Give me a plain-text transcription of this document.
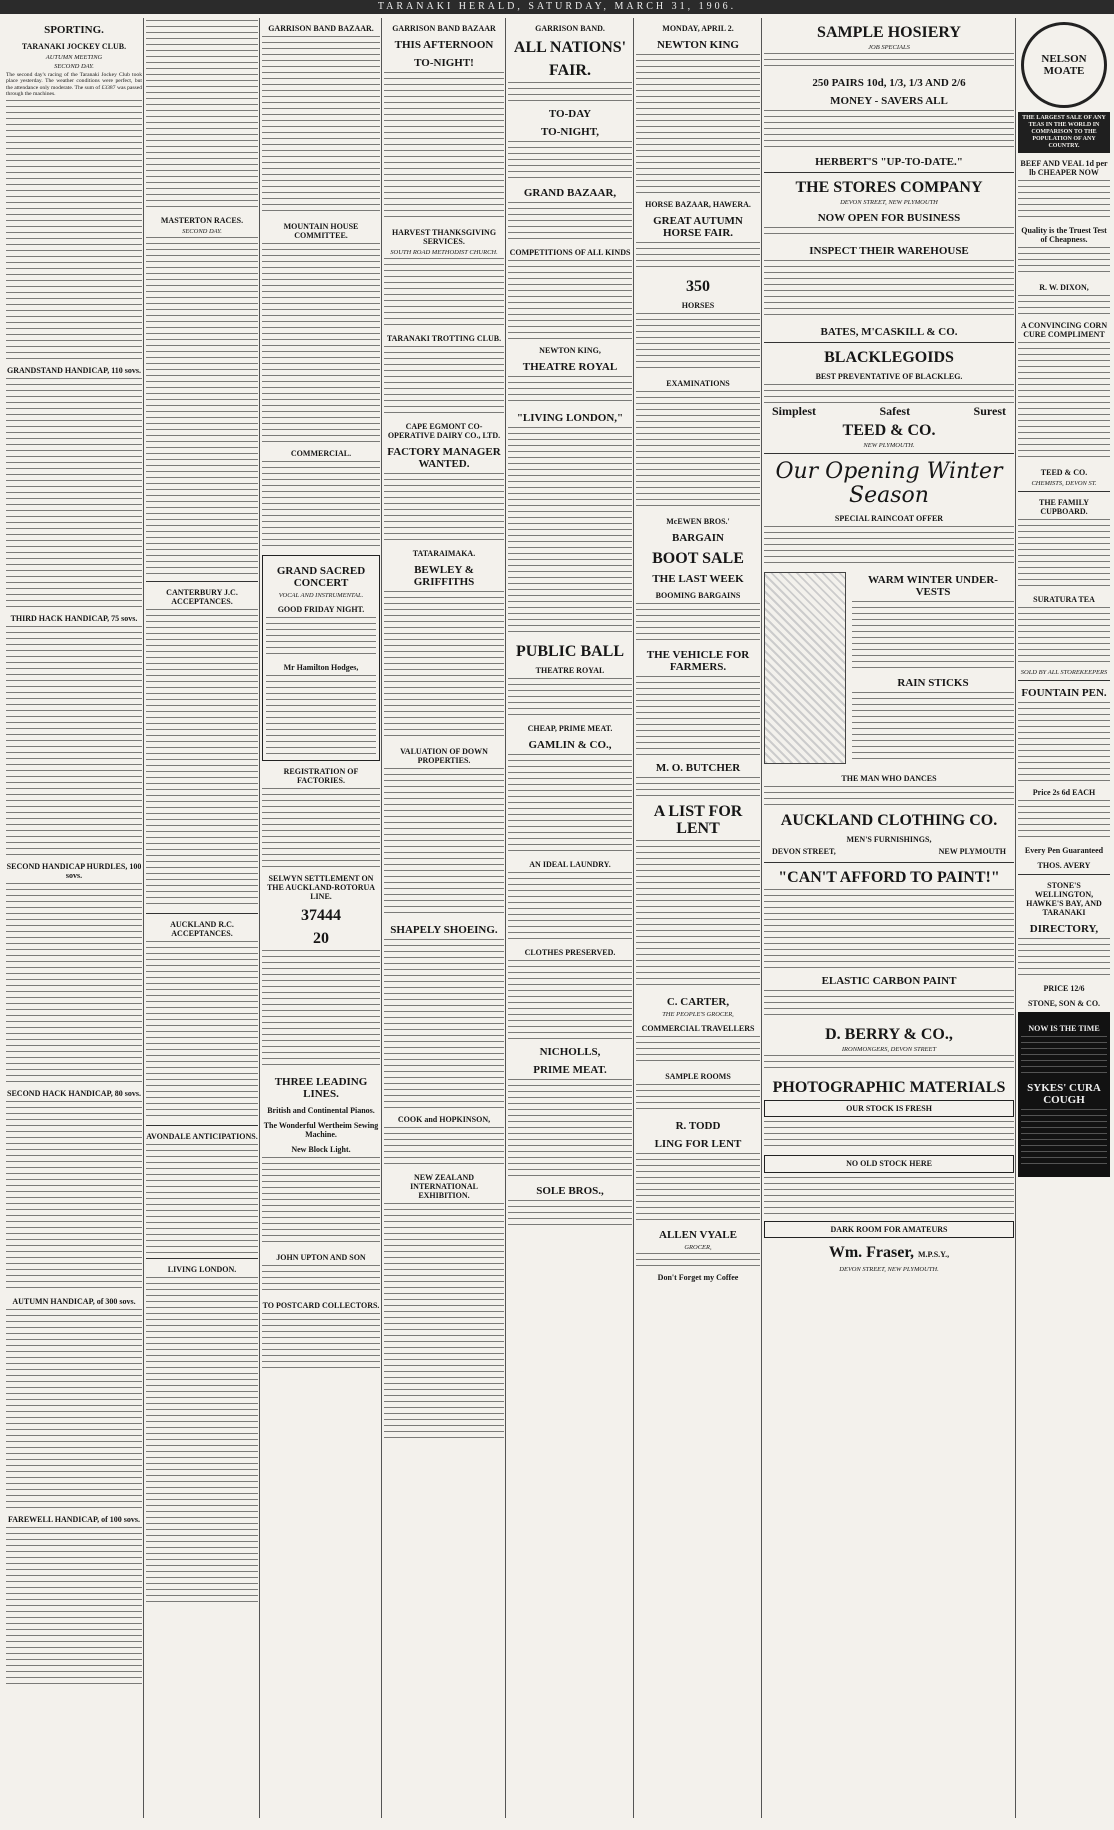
TARANAKI HERALD, SATURDAY, MARCH 31, 1906.
SPORTING.
TARANAKI JOCKEY CLUB.
AUTUMN MEETING
SECOND DAY.

The second day's racing of the Taranaki Jockey Club took place yesterday. The weather conditions were perfect, but the attendance only moderate. The sum of £3387 was passed through the machines.

GRANDSTAND HANDICAP, 110 sovs.
THIRD HACK HANDICAP, 75 sovs.
SECOND HANDICAP HURDLES, 100 sovs.
SECOND HACK HANDICAP, 80 sovs.
AUTUMN HANDICAP, of 300 sovs.
FAREWELL HANDICAP, of 100 sovs.
MASTERTON RACES.
SECOND DAY.
CANTERBURY J.C. ACCEPTANCES.
AUCKLAND R.C. ACCEPTANCES.
AVONDALE ANTICIPATIONS.
LIVING LONDON.
GARRISON BAND BAZAAR.
MOUNTAIN HOUSE COMMITTEE.
COMMERCIAL.
GRAND SACRED CONCERT
VOCAL AND INSTRUMENTAL.
GOOD FRIDAY NIGHT.
Mr Hamilton Hodges,
REGISTRATION OF FACTORIES.
SELWYN SETTLEMENT ON THE AUCKLAND-ROTORUA LINE.
37444
20
THREE LEADING LINES.
British and Continental Pianos.
The Wonderful Wertheim Sewing Machine.
New Block Light.
JOHN UPTON AND SON
TO POSTCARD COLLECTORS.
GARRISON BAND BAZAAR
THIS AFTERNOON
TO-NIGHT!
HARVEST THANKSGIVING SERVICES.
SOUTH ROAD METHODIST CHURCH.
TARANAKI TROTTING CLUB.
CAPE EGMONT CO-OPERATIVE DAIRY CO., LTD.
FACTORY MANAGER WANTED.
TATARAIMAKA.
BEWLEY & GRIFFITHS
VALUATION OF DOWN PROPERTIES.
SHAPELY SHOEING.
COOK and HOPKINSON,
NEW ZEALAND INTERNATIONAL EXHIBITION.
GARRISON BAND.
ALL NATIONS'
FAIR.
TO-DAY
TO-NIGHT,
GRAND BAZAAR,
COMPETITIONS OF ALL KINDS
NEWTON KING,
THEATRE ROYAL
"LIVING LONDON,"
PUBLIC BALL
THEATRE ROYAL
CHEAP, PRIME MEAT.
GAMLIN & CO.,
AN IDEAL LAUNDRY.
CLOTHES PRESERVED.
NICHOLLS,
PRIME MEAT.
SOLE BROS.,
MONDAY, APRIL 2.
NEWTON KING
HORSE BAZAAR, HAWERA.
GREAT AUTUMN HORSE FAIR.
350
HORSES
EXAMINATIONS
McEWEN BROS.'
BARGAIN
BOOT SALE
THE LAST WEEK
BOOMING BARGAINS
THE VEHICLE FOR FARMERS.
M. O. BUTCHER
A LIST FOR LENT
C. CARTER,
THE PEOPLE'S GROCER,
COMMERCIAL TRAVELLERS
SAMPLE ROOMS
R. TODD
LING FOR LENT
ALLEN VYALE
GROCER,
Don't Forget my Coffee
SAMPLE HOSIERY
JOB SPECIALS
250 PAIRS 10d, 1/3, 1/3 AND 2/6
MONEY - SAVERS ALL
HERBERT'S "UP-TO-DATE."
THE STORES COMPANY
DEVON STREET, NEW PLYMOUTH
NOW OPEN FOR BUSINESS
INSPECT THEIR WAREHOUSE
BATES, M'CASKILL & CO.
BLACKLEGOIDS
BEST PREVENTATIVE OF BLACKLEG.
Simplest	Safest	Surest
TEED & CO.
NEW PLYMOUTH.
Our Opening Winter Season
SPECIAL RAINCOAT OFFER
WARM WINTER UNDER-VESTS
RAIN STICKS
THE MAN WHO DANCES
AUCKLAND CLOTHING CO.
MEN'S FURNISHINGS,
DEVON STREET,	NEW PLYMOUTH
"CAN'T AFFORD TO PAINT!"
ELASTIC CARBON PAINT
D. BERRY & CO.,
IRONMONGERS, DEVON STREET
PHOTOGRAPHIC MATERIALS
OUR STOCK IS FRESH
NO OLD STOCK HERE
DARK ROOM FOR AMATEURS
Wm. Fraser, M.P.S.Y.,
DEVON STREET, NEW PLYMOUTH.
NELSON MOATE
THE LARGEST SALE OF ANY TEAS IN THE WORLD IN COMPARISON TO THE POPULATION OF ANY COUNTRY.
BEEF AND VEAL 1d per lb CHEAPER NOW
Quality is the Truest Test of Cheapness.
R. W. DIXON,
A CONVINCING CORN CURE COMPLIMENT
TEED & CO.
CHEMISTS, DEVON ST.
THE FAMILY CUPBOARD.
SURATURA TEA
SOLD BY ALL STOREKEEPERS
FOUNTAIN PEN.
Price 2s 6d EACH
Every Pen Guaranteed
THOS. AVERY
STONE'S WELLINGTON, HAWKE'S BAY, AND TARANAKI
DIRECTORY,
PRICE 12/6
STONE, SON & CO.
NOW IS THE TIME
SYKES' CURA COUGH
